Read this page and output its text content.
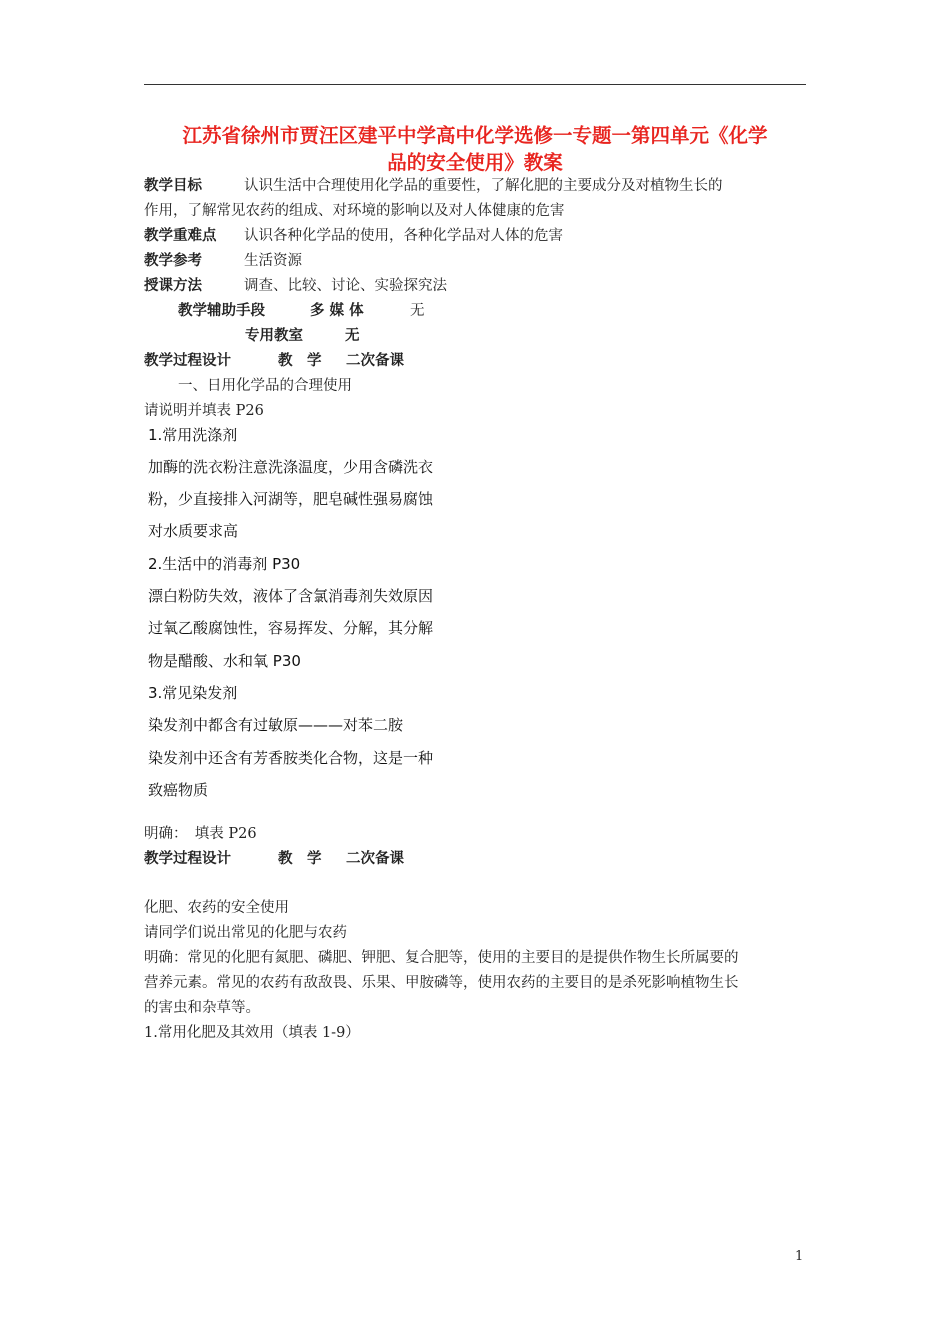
江苏省徐州市贾汪区建平中学高中化学选修一专题一第四单元《化学
品的安全使用》教案
教学目标	认识生活中合理使用化学品的重要性，了解化肥的主要成分及对植物生长的
作用，了解常见农药的组成、对环境的影响以及对人体健康的危害
教学重难点 认识各种化学品的使用，各种化学品对人体的危害
教学参考	生活资源
授课方法	调查、比较、讨论、实验探究法
教学辅助手段	多 媒 体	无
专用教室	无
教学过程设计	教　学 二次备课
一、日用化学品的合理使用
请说明并填表 P26
1.常用洗涤剂
加酶的洗衣粉注意洗涤温度，少用含磷洗衣
粉，少直接排入河湖等，肥皂碱性强易腐蚀
对水质要求高
2.生活中的消毒剂 P30
漂白粉防失效，液体了含氯消毒剂失效原因
过氧乙酸腐蚀性，容易挥发、分解，其分解
物是醋酸、水和氧 P30
3.常见染发剂
染发剂中都含有过敏原———对苯二胺
染发剂中还含有芳香胺类化合物，这是一种
致癌物质
明确：　填表 P26
教学过程设计	教　学 二次备课
化肥、农药的安全使用
请同学们说出常见的化肥与农药
明确：常见的化肥有氮肥、磷肥、钾肥、复合肥等，使用的主要目的是提供作物生长所属要的
营养元素。常见的农药有敌敌畏、乐果、甲胺磷等，使用农药的主要目的是杀死影响植物生长
的害虫和杂草等。
1.常用化肥及其效用（填表 1-9）
1
